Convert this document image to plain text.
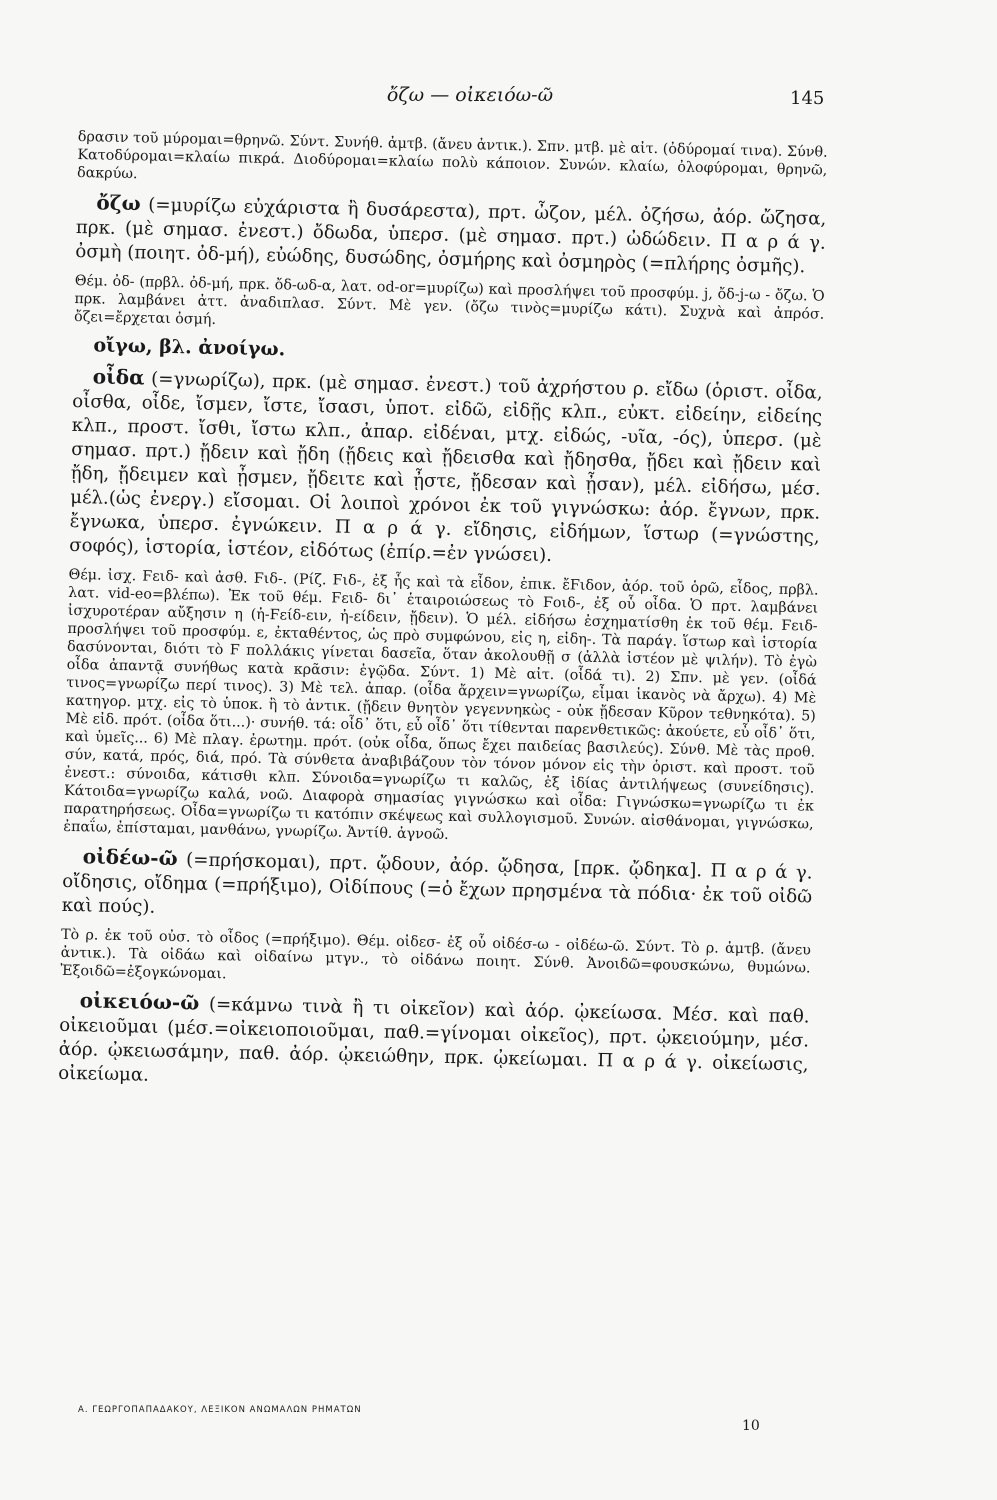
ὄζω — οἰκειόω-ῶ	145

δρασιν τοῦ μύρομαι=θρηνῶ. Σύντ. Συνήθ. ἀμτβ. (ἄνευ ἀντικ.). Σπν. μτβ. μὲ αἰτ. (ὀδύρομαί τινα). Σύνθ. Κατοδύρομαι=κλαίω πικρά. Διοδύρομαι=κλαίω πολὺ κάποιον. Συνών. κλαίω, ὀλοφύρομαι, θρηνῶ, δακρύω.

ὄζω (=μυρίζω εὐχάριστα ἢ δυσάρεστα), πρτ. ὦζον, μέλ. ὀζήσω, ἀόρ. ὤζησα, πρκ. (μὲ σημασ. ἐνεστ.) ὄδωδα, ὑπερσ. (μὲ σημασ. πρτ.) ὠδώδειν. Π α ρ ά γ. ὀσμὴ (ποιητ. ὀδ-μή), εὐώδης, δυσώδης, ὀσμήρης καὶ ὀσμηρὸς (=πλήρης ὀσμῆς).

Θέμ. ὀδ- (πρβλ. ὀδ-μή, πρκ. ὄδ-ωδ-α, λατ. od-or=μυρίζω) καὶ προσλήψει τοῦ προσφύμ. j, ὄδ-j-ω - ὄζω. Ὁ πρκ. λαμβάνει ἀττ. ἀναδιπλασ. Σύντ. Μὲ γεν. (ὄζω τινὸς=μυρίζω κάτι). Συχνὰ καὶ ἀπρόσ. ὄζει=ἔρχεται ὀσμή.

οἴγω, βλ. ἀνοίγω.

οἶδα (=γνωρίζω), πρκ. (μὲ σημασ. ἐνεστ.) τοῦ ἀχρήστου ρ. εἴδω (ὁριστ. οἶδα, οἶσθα, οἶδε, ἴσμεν, ἴστε, ἴσασι, ὑποτ. εἰδῶ, εἰδῇς κλπ., εὐκτ. εἰδείην, εἰδείης κλπ., προστ. ἴσθι, ἴστω κλπ., ἀπαρ. εἰδέναι, μτχ. εἰδώς, -υῖα, -ός), ὑπερσ. (μὲ σημασ. πρτ.) ᾔδειν καὶ ᾔδη (ᾔδεις καὶ ᾔδεισθα καὶ ᾔδησθα, ᾔδει καὶ ᾔδειν καὶ ᾔδη, ᾔδειμεν καὶ ᾖσμεν, ᾔδειτε καὶ ᾖστε, ᾔδεσαν καὶ ᾖσαν), μέλ. εἰδήσω, μέσ. μέλ.(ὡς ἐνεργ.) εἴσομαι. Οἱ λοιποὶ χρόνοι ἐκ τοῦ γιγνώσκω: ἀόρ. ἔγνων, πρκ. ἔγνωκα, ὑπερσ. ἐγνώκειν. Π α ρ ά γ. εἴδησις, εἰδήμων, ἵστωρ (=γνώστης, σοφός), ἱστορία, ἱστέον, εἰδότως (ἐπίρ.=ἐν γνώσει).

Θέμ. ἰσχ. Ϝειδ- καὶ ἀσθ. Ϝιδ-. (Ρίζ. Ϝιδ-, ἐξ ἧς καὶ τὰ εἶδον, ἐπικ. ἔϜιδον, ἀόρ. τοῦ ὁρῶ, εἶδος, πρβλ. λατ. vid-eo=βλέπω). Ἐκ τοῦ θέμ. Ϝειδ- δι᾽ ἑταιροιώσεως τὸ Ϝοιδ-, ἐξ οὗ οἶδα. Ὁ πρτ. λαμβάνει ἰσχυροτέραν αὔξησιν η (ἠ-Ϝείδ-ειν, ἠ-είδειν, ᾔδειν). Ὁ μέλ. εἰδήσω ἐσχηματίσθη ἐκ τοῦ θέμ. Ϝειδ- προσλήψει τοῦ προσφύμ. ε, ἐκταθέντος, ὡς πρὸ συμφώνου, εἰς η, εἰδη-. Τὰ παράγ. ἵστωρ καὶ ἱστορία δασύνονται, διότι τὸ Ϝ πολλάκις γίνεται δασεῖα, ὅταν ἀκολουθῇ σ (ἀλλὰ ἰστέον μὲ ψιλήν). Τὸ ἐγὼ οἶδα ἀπαντᾷ συνήθως κατὰ κρᾶσιν: ἐγῷδα. Σύντ. 1) Μὲ αἰτ. (οἶδά τι). 2) Σπν. μὲ γεν. (οἶδά τινος=γνωρίζω περί τινος). 3) Μὲ τελ. ἀπαρ. (οἶδα ἄρχειν=γνωρίζω, εἶμαι ἱκανὸς νὰ ἄρχω). 4) Μὲ κατηγορ. μτχ. εἰς τὸ ὑποκ. ἢ τὸ ἀντικ. (ᾔδειν θνητὸν γεγεννηκὼς - οὐκ ᾔδεσαν Κῦρον τεθνηκότα). 5) Μὲ εἰδ. πρότ. (οἶδα ὅτι...)· συνήθ. τά: οἶδ᾽ ὅτι, εὖ οἶδ᾽ ὅτι τίθενται παρενθετικῶς: ἀκούετε, εὖ οἶδ᾽ ὅτι, καὶ ὑμεῖς... 6) Μὲ πλαγ. ἐρωτημ. πρότ. (οὐκ οἶδα, ὅπως ἔχει παιδείας βασιλεύς). Σύνθ. Μὲ τὰς προθ. σύν, κατά, πρός, διά, πρό. Τὰ σύνθετα ἀναβιβάζουν τὸν τόνον μόνον εἰς τὴν ὁριστ. καὶ προστ. τοῦ ἐνεστ.: σύνοιδα, κάτισθι κλπ. Σύνοιδα=γνωρίζω τι καλῶς, ἐξ ἰδίας ἀντιλήψεως (συνείδησις). Κάτοιδα=γνωρίζω καλά, νοῶ. Διαφορὰ σημασίας γιγνώσκω καὶ οἶδα: Γιγνώσκω=γνωρίζω τι ἐκ παρατηρήσεως. Οἶδα=γνωρίζω τι κατόπιν σκέψεως καὶ συλλογισμοῦ. Συνών. αἰσθάνομαι, γιγνώσκω, ἐπαΐω, ἐπίσταμαι, μανθάνω, γνωρίζω. Ἀντίθ. ἀγνοῶ.

οἰδέω-ῶ (=πρήσκομαι), πρτ. ᾤδουν, ἀόρ. ᾤδησα, [πρκ. ᾤδηκα]. Π α ρ ά γ. οἴδησις, οἴδημα (=πρήξιμο), Οἰδίπους (=ὁ ἔχων πρησμένα τὰ πόδια· ἐκ τοῦ οἰδῶ καὶ πούς).

Τὸ ρ. ἐκ τοῦ οὐσ. τὸ οἶδος (=πρήξιμο). Θέμ. οἰδεσ- ἐξ οὗ οἰδέσ-ω - οἰδέω-ῶ. Σύντ. Τὸ ρ. ἀμτβ. (ἄνευ ἀντικ.). Τὰ οἰδάω καὶ οἰδαίνω μτγν., τὸ οἰδάνω ποιητ. Σύνθ. Ἀνοιδῶ=φουσκώνω, θυμώνω. Ἐξοιδῶ=ἐξογκώνομαι.

οἰκειόω-ῶ (=κάμνω τινὰ ἢ τι οἰκεῖον) καὶ ἀόρ. ᾠκείωσα. Μέσ. καὶ παθ. οἰκειοῦμαι (μέσ.=οἰκειοποιοῦμαι, παθ.=γίνομαι οἰκεῖος), πρτ. ᾠκειούμην, μέσ. ἀόρ. ᾠκειωσάμην, παθ. ἀόρ. ᾠκειώθην, πρκ. ᾠκείωμαι. Π α ρ ά γ. οἰκείωσις, οἰκείωμα.

Α. ΓΕΩΡΓΟΠΑΠΑΔΑΚΟΥ, ΛΕΞΙΚΟΝ ΑΝΩΜΑΛΩΝ ΡΗΜΑΤΩΝ
10
